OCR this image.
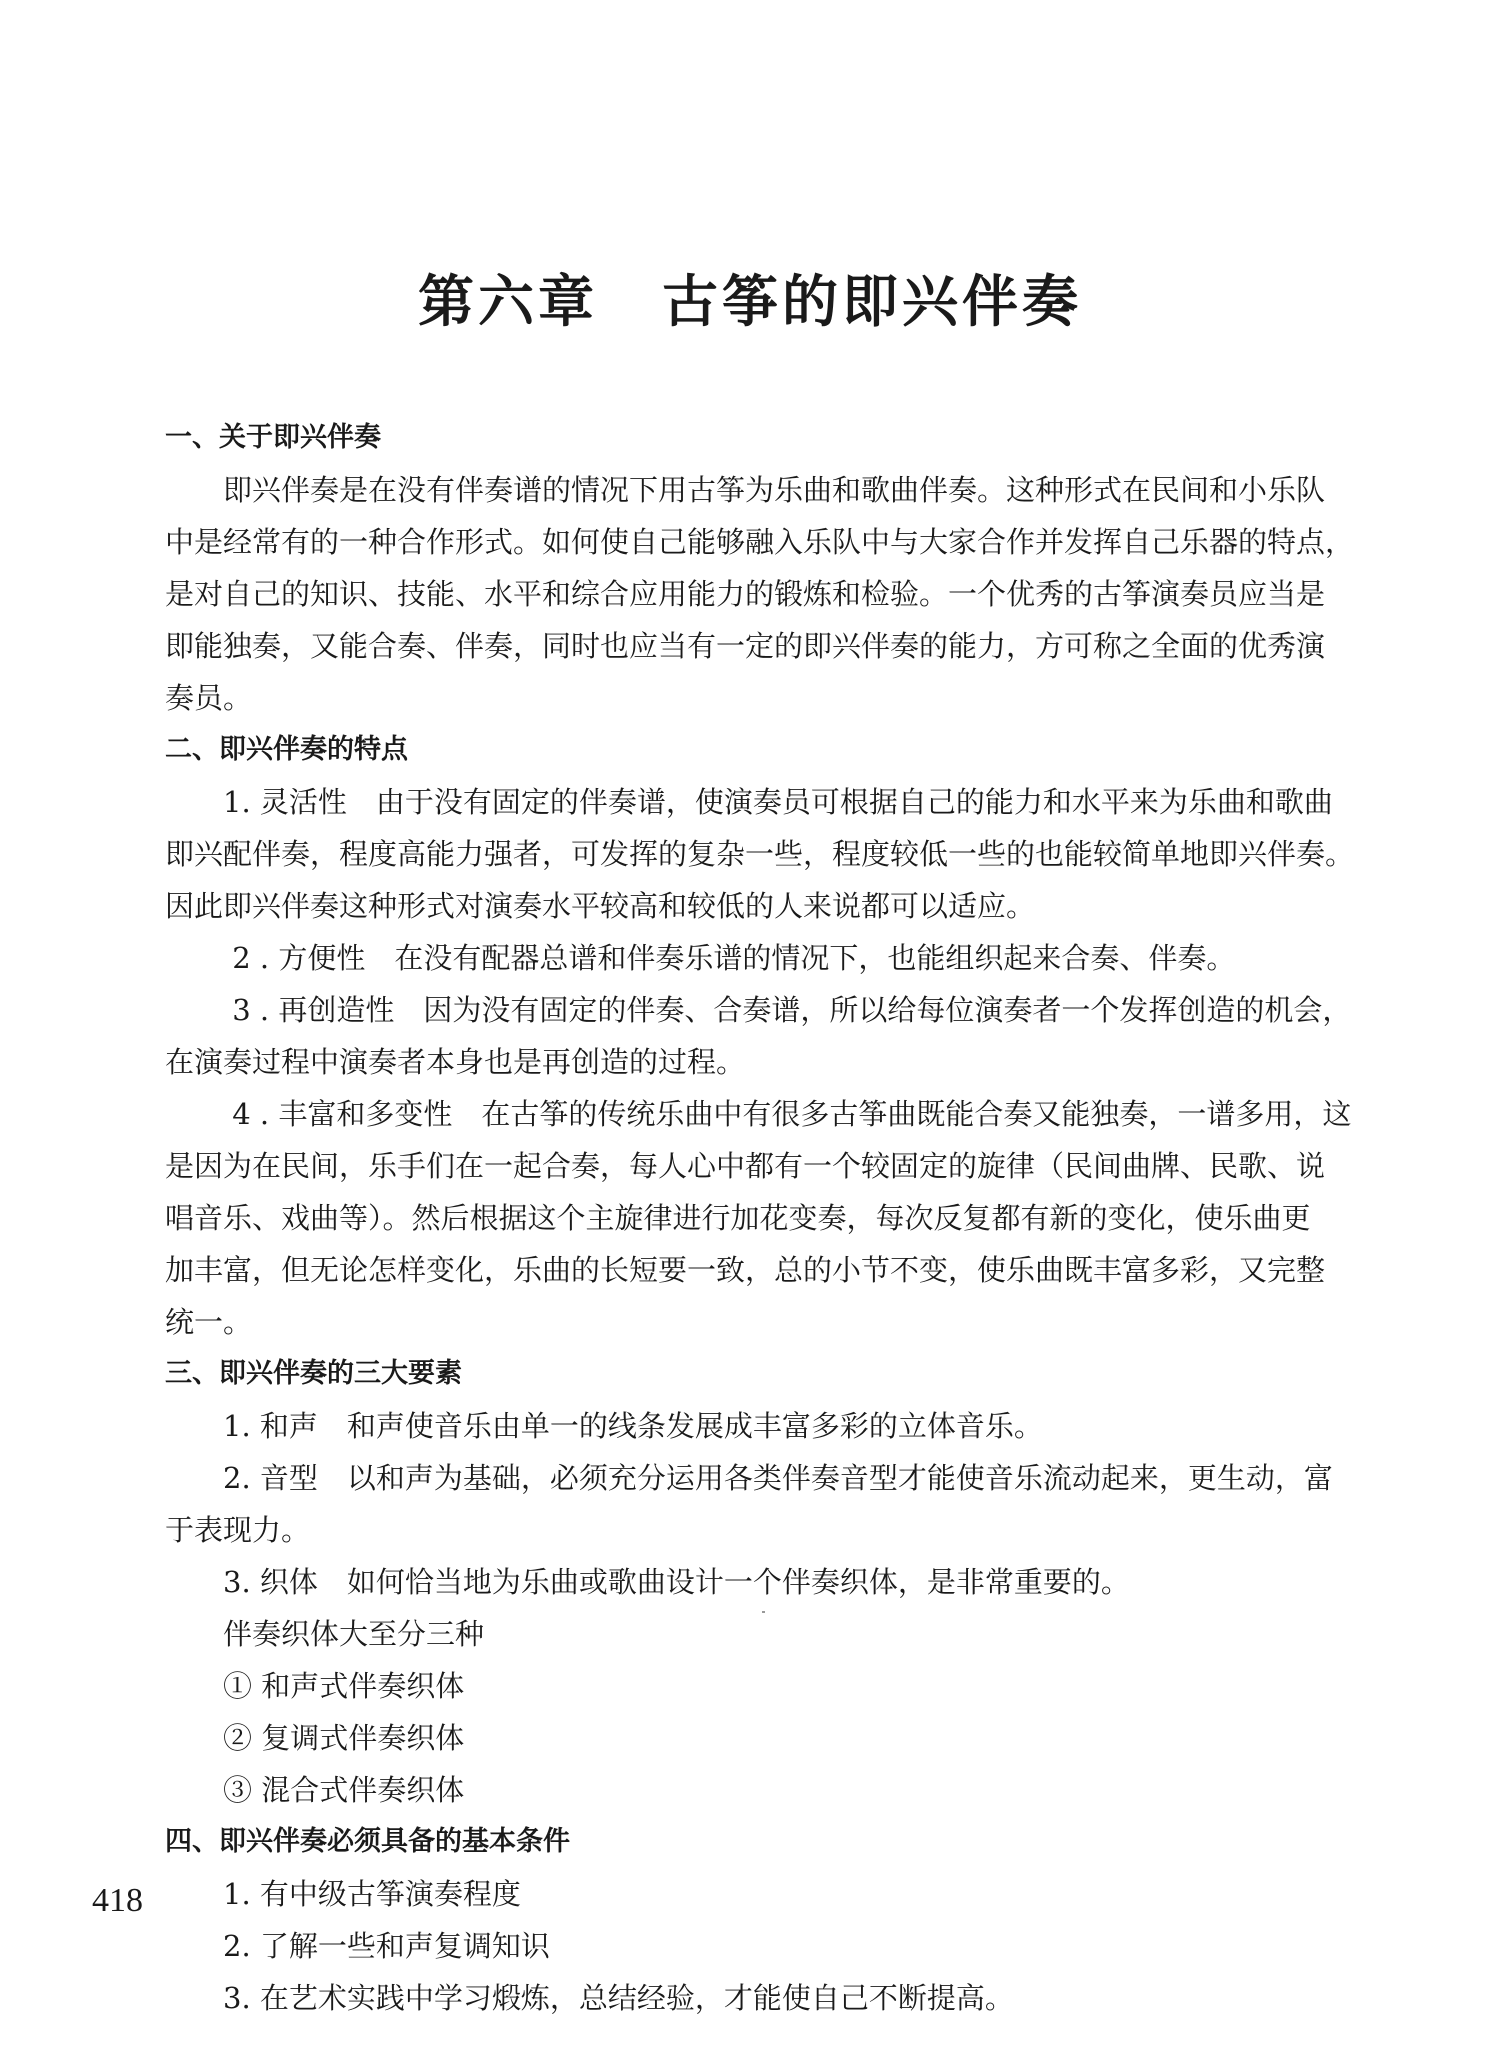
第六章 古筝的即兴伴奏

一、关于即兴伴奏

　　即兴伴奏是在没有伴奏谱的情况下用古筝为乐曲和歌曲伴奏。这种形式在民间和小乐队

中是经常有的一种合作形式。如何使自己能够融入乐队中与大家合作并发挥自己乐器的特点，

是对自己的知识、技能、水平和综合应用能力的锻炼和检验。一个优秀的古筝演奏员应当是

即能独奏，又能合奏、伴奏，同时也应当有一定的即兴伴奏的能力，方可称之全面的优秀演

奏员。

二、即兴伴奏的特点

　　1. 灵活性　由于没有固定的伴奏谱，使演奏员可根据自己的能力和水平来为乐曲和歌曲

即兴配伴奏，程度高能力强者，可发挥的复杂一些，程度较低一些的也能较简单地即兴伴奏。

因此即兴伴奏这种形式对演奏水平较高和较低的人来说都可以适应。

　　 2 . 方便性　在没有配器总谱和伴奏乐谱的情况下，也能组织起来合奏、伴奏。

　　 3 . 再创造性　因为没有固定的伴奏、合奏谱，所以给每位演奏者一个发挥创造的机会，

在演奏过程中演奏者本身也是再创造的过程。

　　 4 . 丰富和多变性　在古筝的传统乐曲中有很多古筝曲既能合奏又能独奏，一谱多用，这

是因为在民间，乐手们在一起合奏，每人心中都有一个较固定的旋律（民间曲牌、民歌、说

唱音乐、戏曲等）。然后根据这个主旋律进行加花变奏，每次反复都有新的变化，使乐曲更

加丰富，但无论怎样变化，乐曲的长短要一致，总的小节不变，使乐曲既丰富多彩，又完整

统一。

三、即兴伴奏的三大要素

　　1. 和声　和声使音乐由单一的线条发展成丰富多彩的立体音乐。

　　2. 音型　以和声为基础，必须充分运用各类伴奏音型才能使音乐流动起来，更生动，富

于表现力。

　　3. 织体　如何恰当地为乐曲或歌曲设计一个伴奏织体，是非常重要的。

　　伴奏织体大至分三种

　　① 和声式伴奏织体

　　② 复调式伴奏织体

　　③ 混合式伴奏织体

四、即兴伴奏必须具备的基本条件

　　1. 有中级古筝演奏程度

　　2. 了解一些和声复调知识

　　3. 在艺术实践中学习煅炼，总结经验，才能使自己不断提高。

418
